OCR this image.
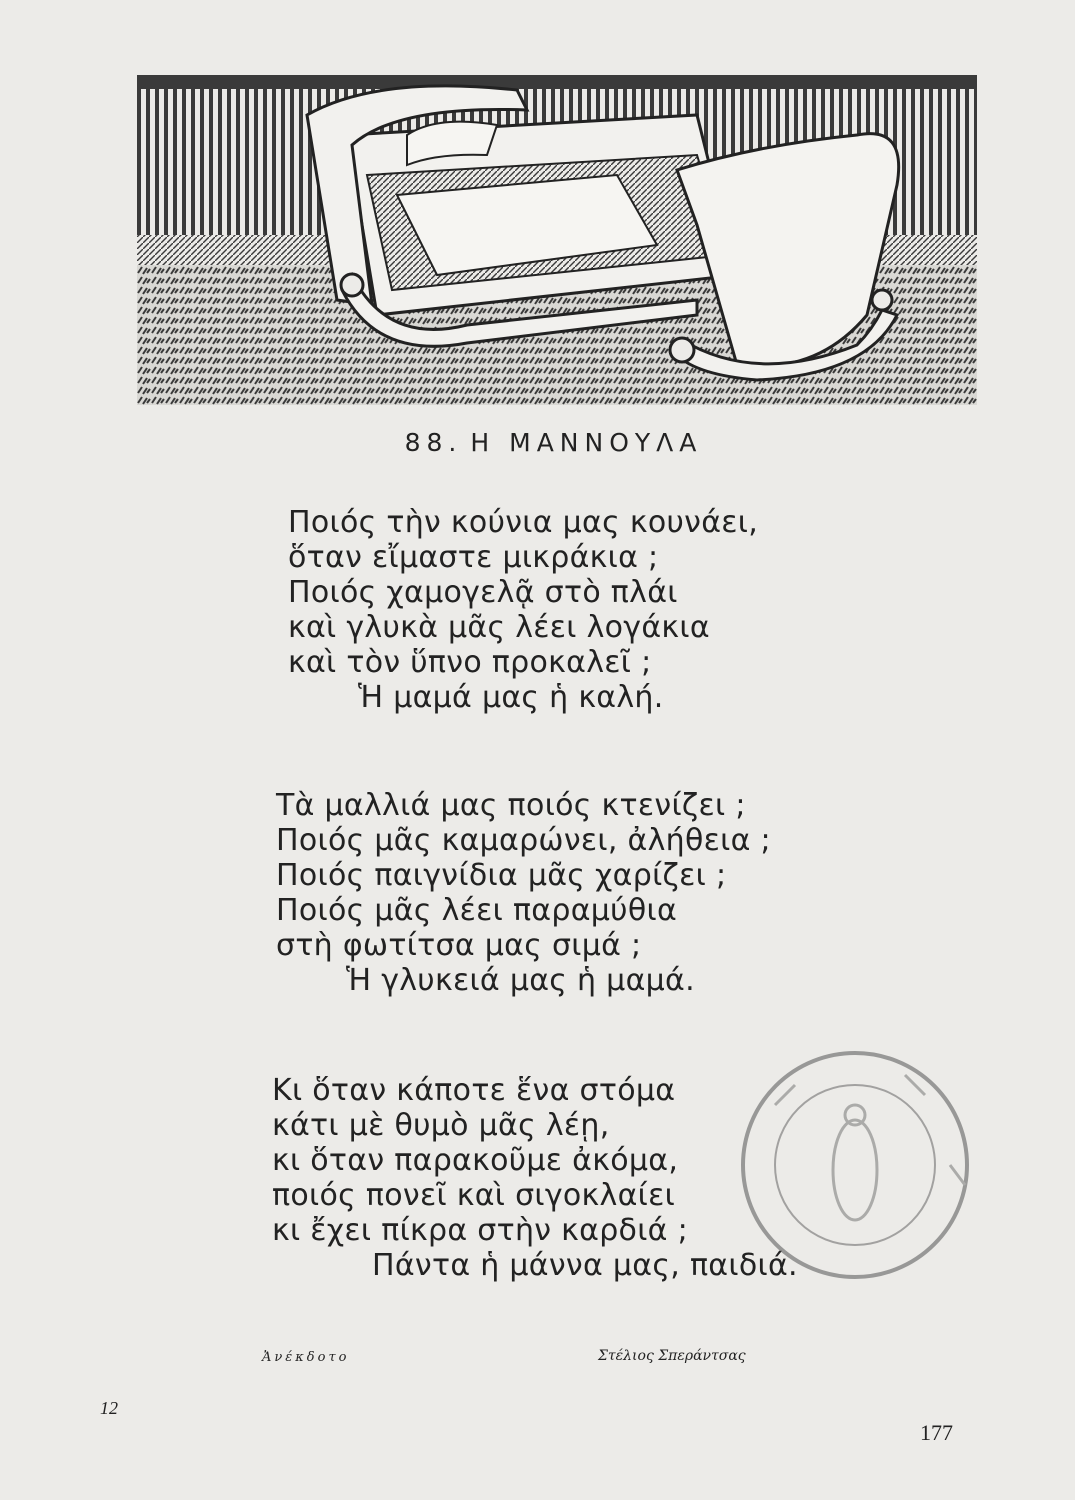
88. Η ΜΑΝΝΟΥΛΑ
Ποιός τὴν κούνια μας κουνάει,
ὅταν εἴμαστε μικράκια ;
Ποιός χαμογελᾷ στὸ πλάι
καὶ γλυκὰ μᾶς λέει λογάκια
καὶ τὸν ὕπνο προκαλεῖ ;
Ἡ μαμά μας ἡ καλή.
Τὰ μαλλιά μας ποιός κτενίζει ;
Ποιός μᾶς καμαρώνει, ἀλήθεια ;
Ποιός παιγνίδια μᾶς χαρίζει ;
Ποιός μᾶς λέει παραμύθια
στὴ φωτίτσα μας σιμά ;
Ἡ γλυκειά μας ἡ μαμά.
Κι ὅταν κάποτε ἕνα στόμα
κάτι μὲ θυμὸ μᾶς λέῃ,
κι ὅταν παρακοῦμε ἀκόμα,
ποιός πονεῖ καὶ σιγοκλαίει
κι ἔχει πίκρα στὴν καρδιά ;
Πάντα ἡ μάννα μας, παιδιά.
Ἀνέκδοτο	Στέλιος Σπεράντσας
12
177
